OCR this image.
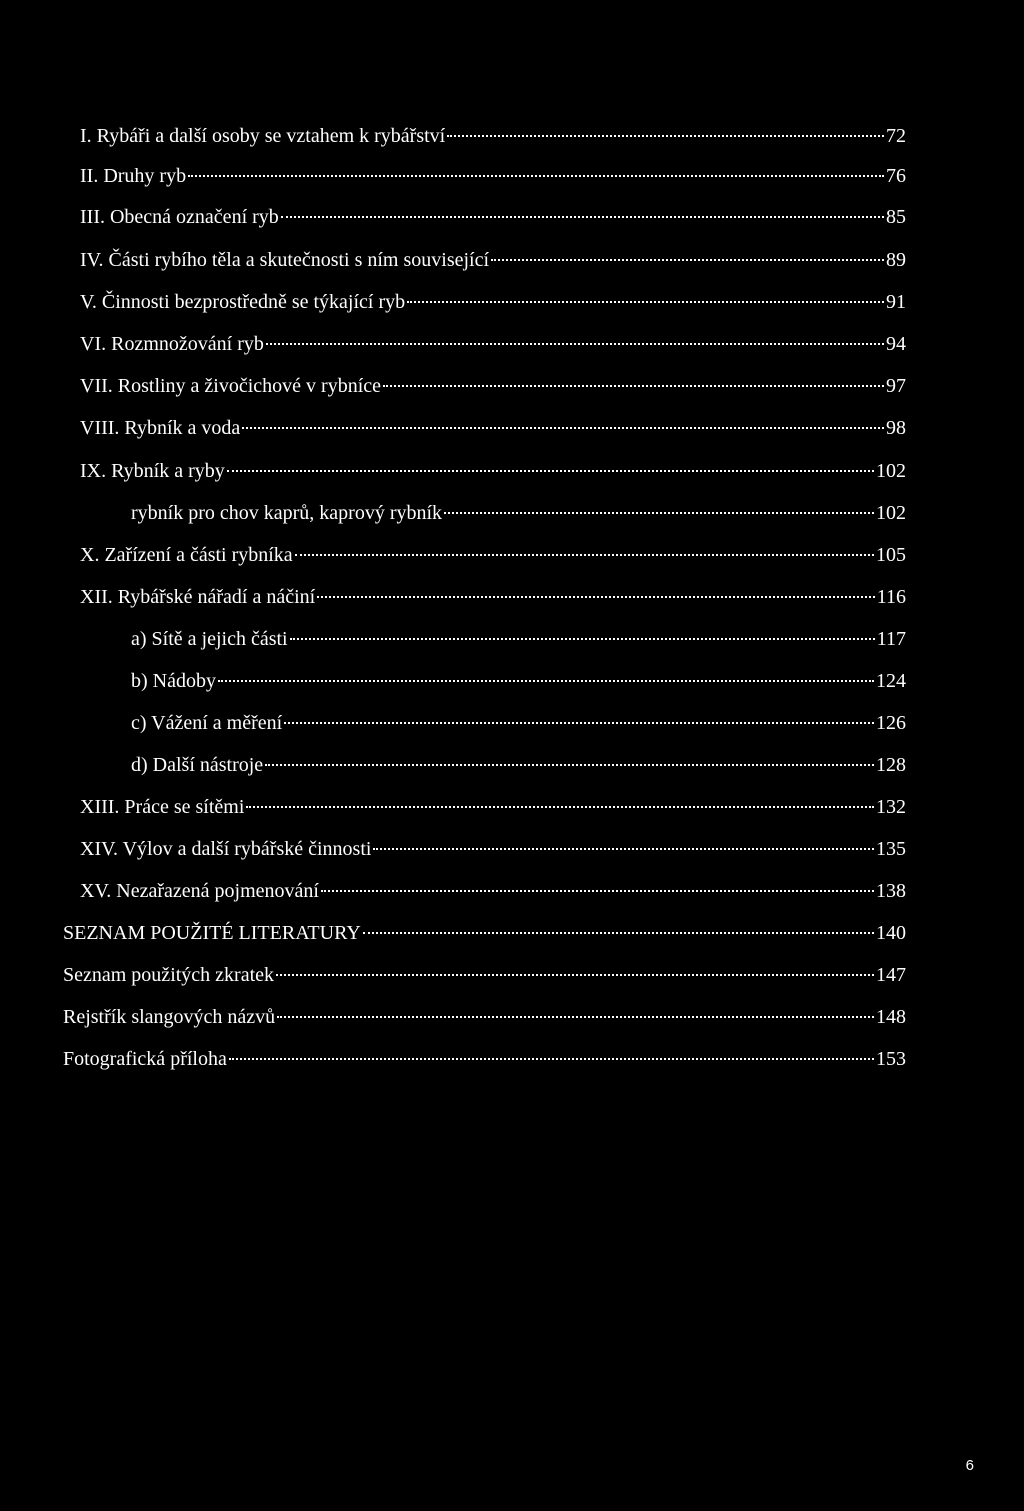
I. Rybáři a další osoby se vztahem k rybářství	72
II. Druhy ryb	76
III. Obecná označení ryb	85
IV. Části rybího těla a skutečnosti s ním související	89
V. Činnosti bezprostředně se týkající ryb	91
VI. Rozmnožování ryb	94
VII. Rostliny a živočichové v rybníce	97
VIII. Rybník a voda	98
IX. Rybník a ryby	102
rybník pro chov kaprů, kaprový rybník	102
X. Zařízení a části rybníka	105
XII. Rybářské nářadí a náčiní	116
a) Sítě a jejich části	117
b) Nádoby	124
c) Vážení a měření	126
d) Další nástroje	128
XIII. Práce se sítěmi	132
XIV. Výlov a další rybářské činnosti	135
XV. Nezařazená pojmenování	138
SEZNAM POUŽITÉ LITERATURY	140
Seznam použitých zkratek	147
Rejstřík slangových názvů	148
Fotografická příloha	153
6
